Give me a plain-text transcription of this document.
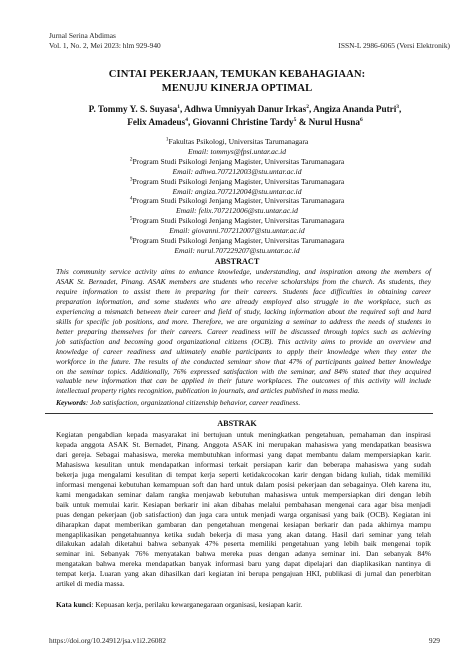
Jurnal Serina Abdimas
Vol. 1, No. 2, Mei 2023: hlm 929-940	ISSN-L 2986-6065 (Versi Elektronik)
CINTAI PEKERJAAN, TEMUKAN KEBAHAGIAAN:
MENUJU KINERJA OPTIMAL
P. Tommy Y. S. Suyasa$^1$, Adhwa Umniyyah Danur Irkas$^2$, Angiza Ananda Putri$^3$,
Felix Amadeus$^4$, Giovanni Christine Tardy$^5$ & Nurul Husna$^6$
$^1$Fakultas Psikologi, Universitas Tarumanagara
Email: tommys@fpsi.untar.ac.id
$^2$Program Studi Psikologi Jenjang Magister, Universitas Tarumanagara
Email: adhwa.707212003@stu.untar.ac.id
$^3$Program Studi Psikologi Jenjang Magister, Universitas Tarumanagara
Email: angiza.707212004@stu.untar.ac.id
$^4$Program Studi Psikologi Jenjang Magister, Universitas Tarumanagara
Email: felix.707212006@stu.untar.ac.id
$^5$Program Studi Psikologi Jenjang Magister, Universitas Tarumanagara
Email: giovanni.707212007@stu.untar.ac.id
$^6$Program Studi Psikologi Jenjang Magister, Universitas Tarumanagara
Email: nurul.707229207@stu.untar.ac.id
ABSTRACT
This community service activity aims to enhance knowledge, understanding, and inspiration among the members of
ASAK St. Bernadet, Pinang. ASAK members are students who receive scholarships from the church. As students, they
require information to assist them in preparing for their careers. Students face difficulties in obtaining career
preparation information, and some students who are already employed also struggle in the workplace, such as
experiencing a mismatch between their career and field of study, lacking information about the required soft and hard
skills for specific job positions, and more. Therefore, we are organizing a seminar to address the needs of students in
better preparing themselves for their careers. Career readiness will be discussed through topics such as achieving
job satisfaction and becoming good organizational citizens (OCB). This activity aims to provide an overview and
knowledge of career readiness and ultimately enable participants to apply their knowledge when they enter the
workforce in the future. The results of the conducted seminar show that 47% of participants gained better knowledge
on the seminar topics. Additionally, 76% expressed satisfaction with the seminar, and 84% stated that they acquired
valuable new information that can be applied in their future workplaces. The outcomes of this activity will include
intellectual property rights recognition, publication in journals, and articles published in mass media.
Keywords: Job satisfaction, organizational citizenship behavior, career readiness.
ABSTRAK
Kegiatan pengabdian kepada masyarakat ini bertujuan untuk meningkatkan pengetahuan, pemahaman dan inspirasi
kepada anggota ASAK St. Bernadet, Pinang. Anggota ASAK ini merupakan mahasiswa yang mendapatkan beasiswa
dari gereja. Sebagai mahasiswa, mereka membutuhkan informasi yang dapat membantu dalam mempersiapkan karir.
Mahasiswa kesulitan untuk mendapatkan informasi terkait persiapan karir dan beberapa mahasiswa yang sudah
bekerja juga mengalami kesulitan di tempat kerja seperti ketidakcocokan karir dengan bidang kuliah, tidak memiliki
informasi mengenai kebutuhan kemampuan soft dan hard untuk dalam posisi pekerjaan dan sebagainya. Oleh karena itu,
kami mengadakan seminar dalam rangka menjawab kebutuhan mahasiswa untuk mempersiapkan diri dengan lebih
baik untuk memulai karir. Kesiapan berkarir ini akan dibahas melalui pembahasan mengenai cara agar bisa menjadi
puas dengan pekerjaan (job satisfaction) dan juga cara untuk menjadi warga organisasi yang baik (OCB). Kegiatan ini
diharapkan dapat memberikan gambaran dan pengetahuan mengenai kesiapan berkarir dan pada akhirnya mampu
mengaplikasikan pengetahuannya ketika sudah bekerja di masa yang akan datang. Hasil dari seminar yang telah
dilakukan adalah diketahui bahwa sebanyak 47% peserta memiliki pengetahuan yang lebih baik mengenai topik
seminar ini. Sebanyak 76% menyatakan bahwa mereka puas dengan adanya seminar ini. Dan sebanyak 84%
mengatakan bahwa mereka mendapatkan banyak informasi baru yang dapat dipelajari dan diaplikasikan nantinya di
tempat kerja. Luaran yang akan dihasilkan dari kegiatan ini berupa pengajuan HKI, publikasi di jurnal dan penerbitan
artikel di media massa.
Kata kunci: Kepuasan kerja, perilaku kewarganegaraan organisasi, kesiapan karir.
https://doi.org/10.24912/jsa.v1i2.26082	929
